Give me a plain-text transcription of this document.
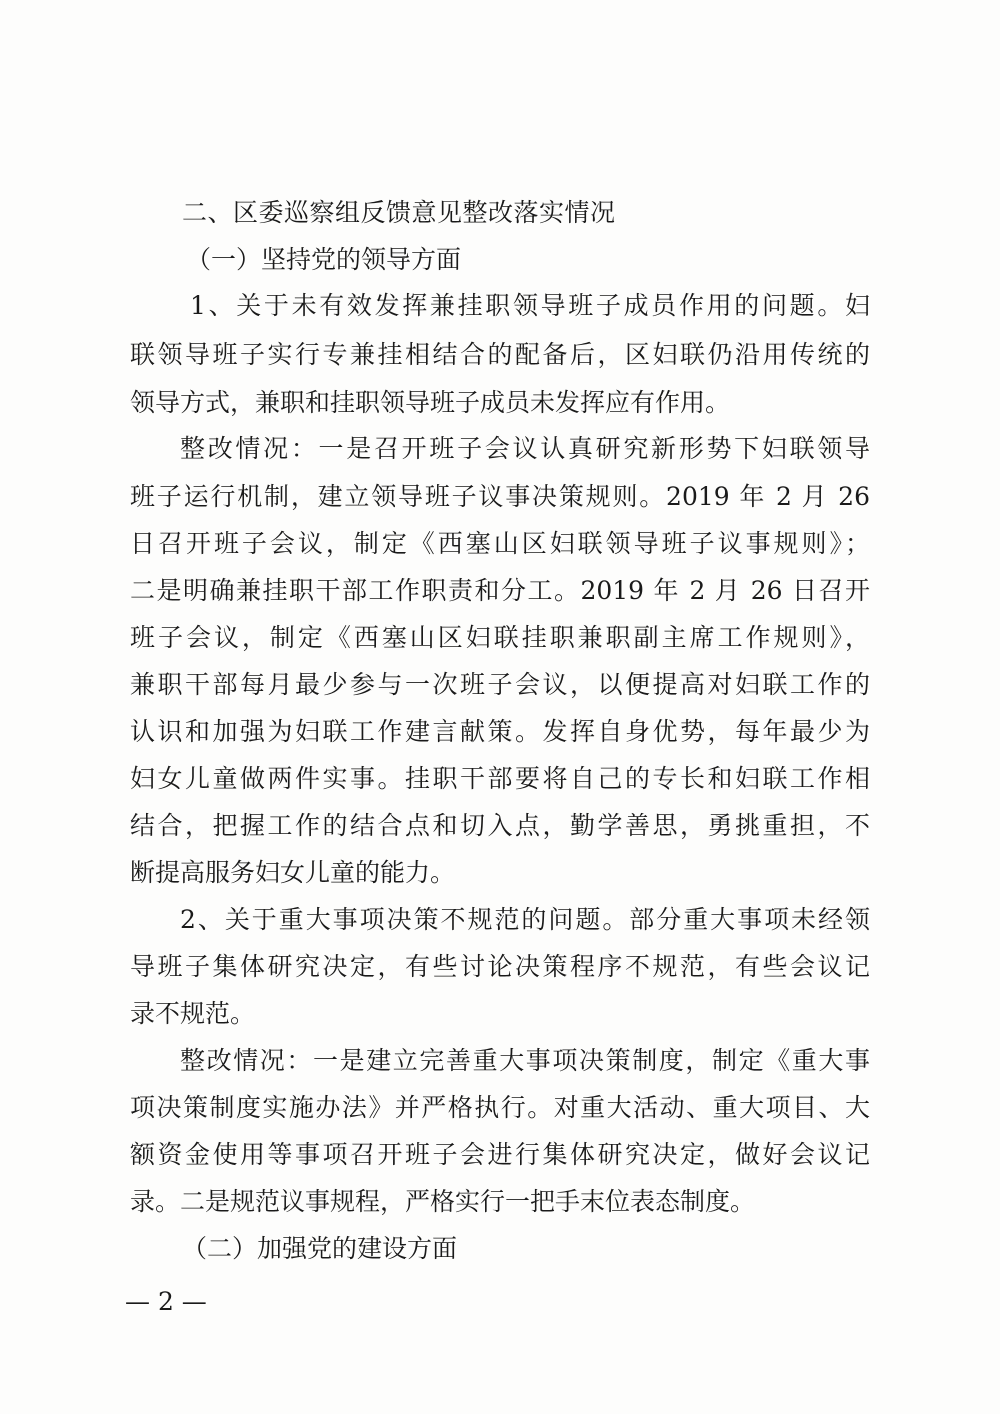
二、区委巡察组反馈意见整改落实情况
（一）坚持党的领导方面
1、关于未有效发挥兼挂职领导班子成员作用的问题。妇
联领导班子实行专兼挂相结合的配备后，区妇联仍沿用传统的
领导方式，兼职和挂职领导班子成员未发挥应有作用。
整改情况：一是召开班子会议认真研究新形势下妇联领导
班子运行机制，建立领导班子议事决策规则。2019 年 2 月 26
日召开班子会议，制定《西塞山区妇联领导班子议事规则》；
二是明确兼挂职干部工作职责和分工。2019 年 2 月 26 日召开
班子会议，制定《西塞山区妇联挂职兼职副主席工作规则》，
兼职干部每月最少参与一次班子会议，以便提高对妇联工作的
认识和加强为妇联工作建言献策。发挥自身优势，每年最少为
妇女儿童做两件实事。挂职干部要将自己的专长和妇联工作相
结合，把握工作的结合点和切入点，勤学善思，勇挑重担，不
断提高服务妇女儿童的能力。
2、关于重大事项决策不规范的问题。部分重大事项未经领
导班子集体研究决定，有些讨论决策程序不规范，有些会议记
录不规范。
整改情况：一是建立完善重大事项决策制度，制定《重大事
项决策制度实施办法》并严格执行。对重大活动、重大项目、大
额资金使用等事项召开班子会进行集体研究决定，做好会议记
录。二是规范议事规程，严格实行一把手末位表态制度。
（二）加强党的建设方面
— 2 —
